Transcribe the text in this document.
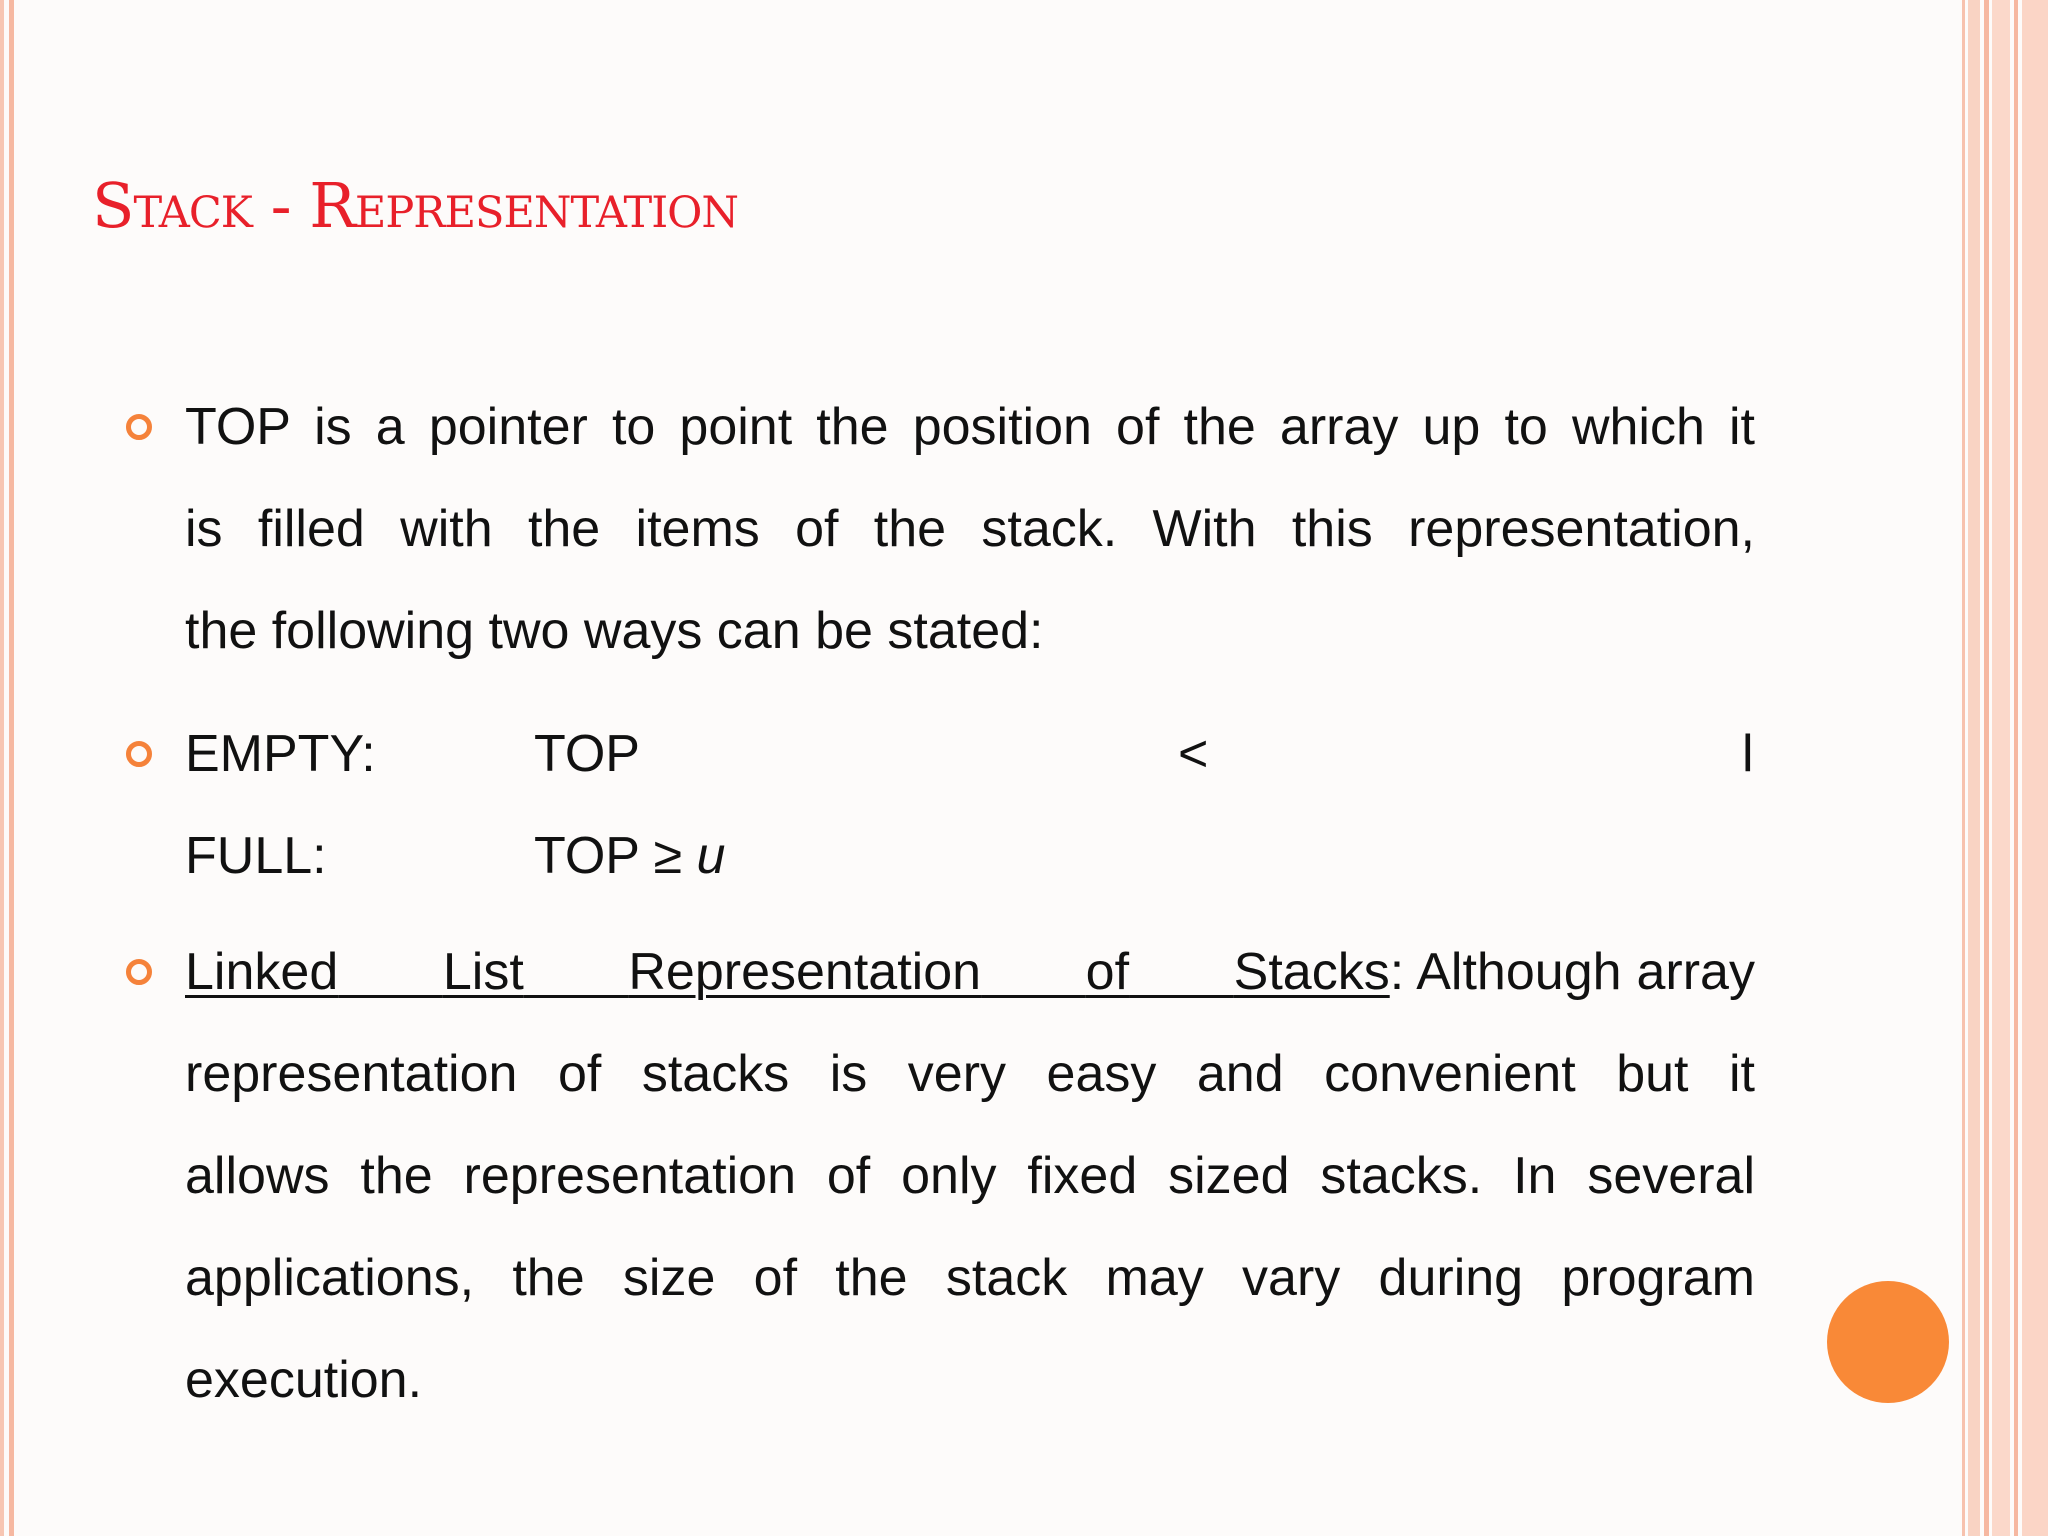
Stack - Representation
TOP is a pointer to point the position of the array up to which it
is filled with the items of the stack. With this representation,
the following two ways can be stated:
EMPTY:	TOP	<	l
FULL:	TOP ≥ u
Linked List Representation of Stacks: Although array
representation of stacks is very easy and convenient but it
allows the representation of only fixed sized stacks. In several
applications, the size of the stack may vary during program
execution.
